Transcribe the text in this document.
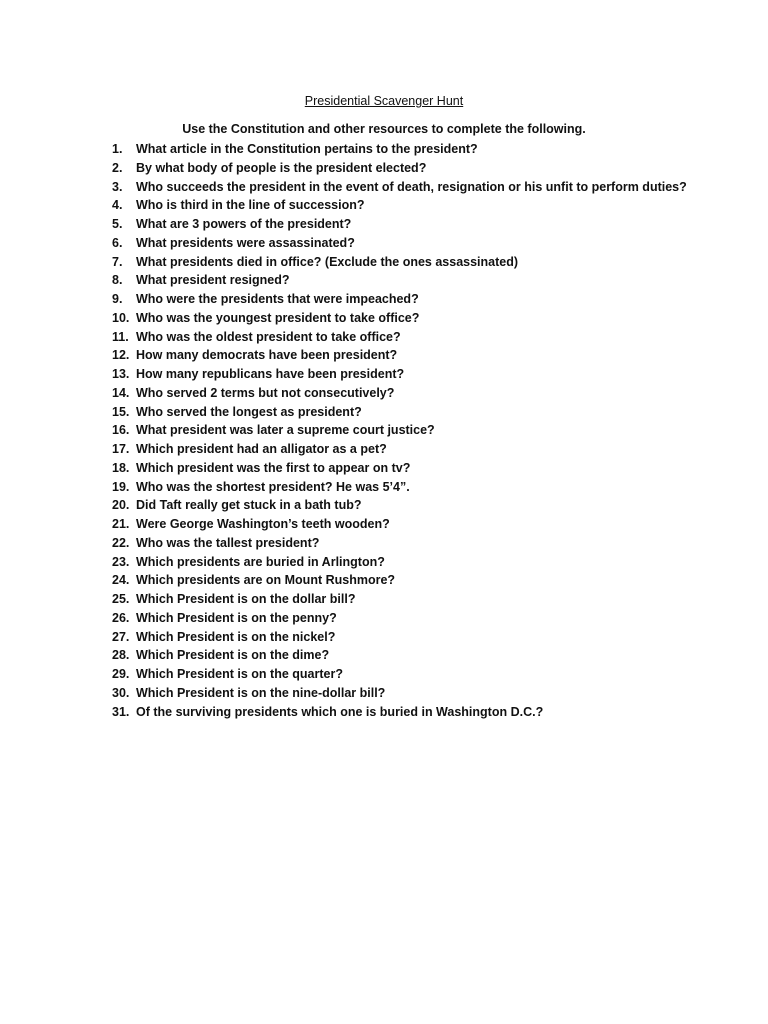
Presidential Scavenger Hunt
Use the Constitution and other resources to complete the following.
1.	What article in the Constitution pertains to the president?
2.	By what body of people is the president elected?
3.	Who succeeds the president in the event of death, resignation or his unfit to perform duties?
4.	Who is third in the line of succession?
5.	What are 3 powers of the president?
6.	What presidents were assassinated?
7.	What presidents died in office? (Exclude the ones assassinated)
8.	What president resigned?
9.	Who were the presidents that were impeached?
10. Who was the youngest president to take office?
11. Who was the oldest president to take office?
12. How many democrats have been president?
13. How many republicans have been president?
14. Who served 2 terms but not consecutively?
15. Who served the longest as president?
16. What president was later a supreme court justice?
17. Which president had an alligator as a pet?
18. Which president was the first to appear on tv?
19. Who was the shortest president? He was 5’4”.
20. Did Taft really get stuck in a bath tub?
21. Were George Washington’s teeth wooden?
22. Who was the tallest president?
23. Which presidents are buried in Arlington?
24. Which presidents are on Mount Rushmore?
25. Which President is on the dollar bill?
26. Which President is on the penny?
27. Which President is on the nickel?
28. Which President is on the dime?
29. Which President is on the quarter?
30. Which President is on the nine-dollar bill?
31. Of the surviving presidents which one is buried in Washington D.C.?
